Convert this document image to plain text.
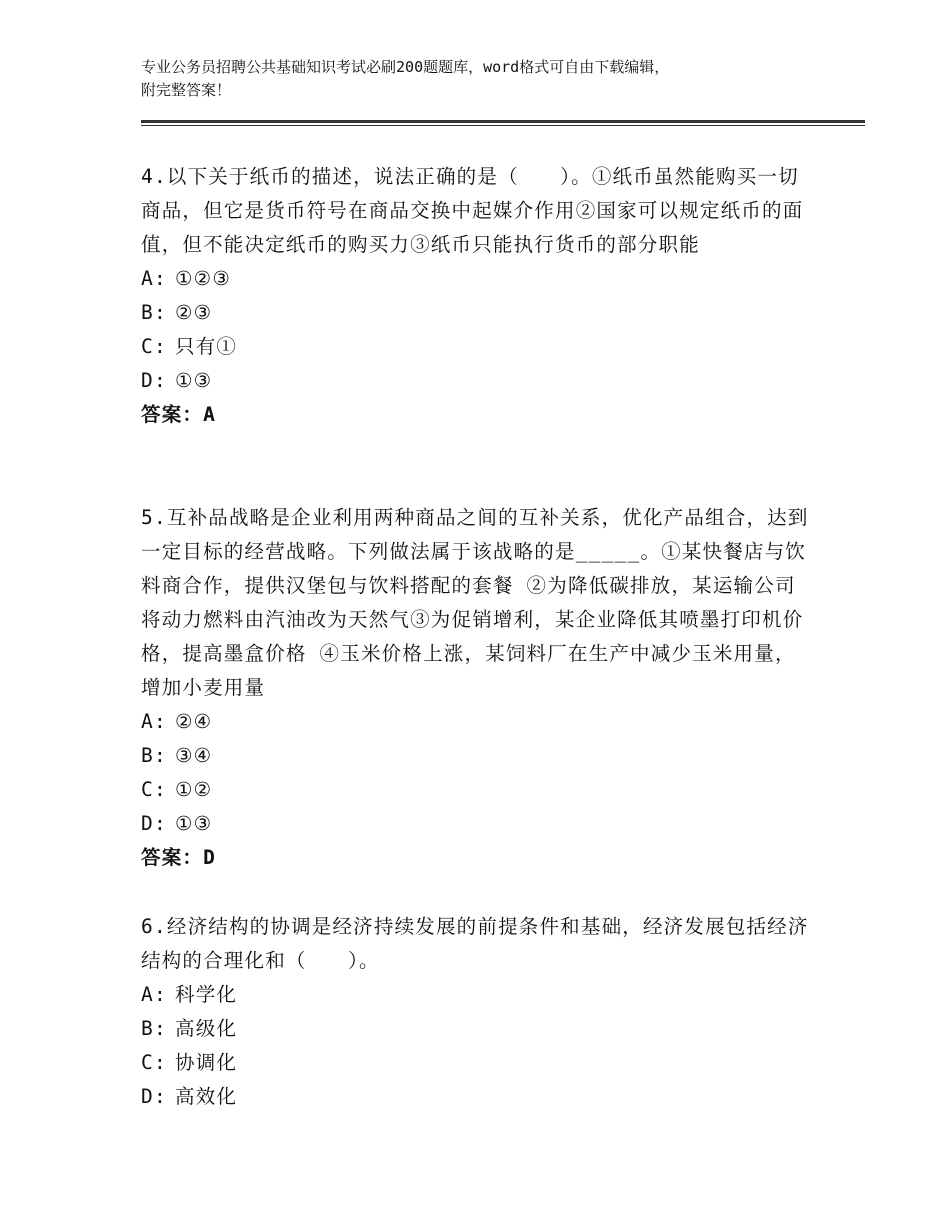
专业公务员招聘公共基础知识考试必刷200题题库，word格式可自由下载编辑，
附完整答案！

4.以下关于纸币的描述，说法正确的是（　　）。①纸币虽然能购买一切商品，但它是货币符号在商品交换中起媒介作用②国家可以规定纸币的面值，但不能决定纸币的购买力③纸币只能执行货币的部分职能

A: ①②③
B: ②③
C: 只有①
D: ①③

答案：A

5.互补品战略是企业利用两种商品之间的互补关系，优化产品组合，达到一定目标的经营战略。下列做法属于该战略的是_____。①某快餐店与饮料商合作，提供汉堡包与饮料搭配的套餐 ②为降低碳排放，某运输公司将动力燃料由汽油改为天然气③为促销增利，某企业降低其喷墨打印机价格，提高墨盒价格 ④玉米价格上涨，某饲料厂在生产中减少玉米用量，增加小麦用量

A: ②④
B: ③④
C: ①②
D: ①③

答案：D

6.经济结构的协调是经济持续发展的前提条件和基础，经济发展包括经济结构的合理化和（　　）。

A: 科学化
B: 高级化
C: 协调化
D: 高效化
